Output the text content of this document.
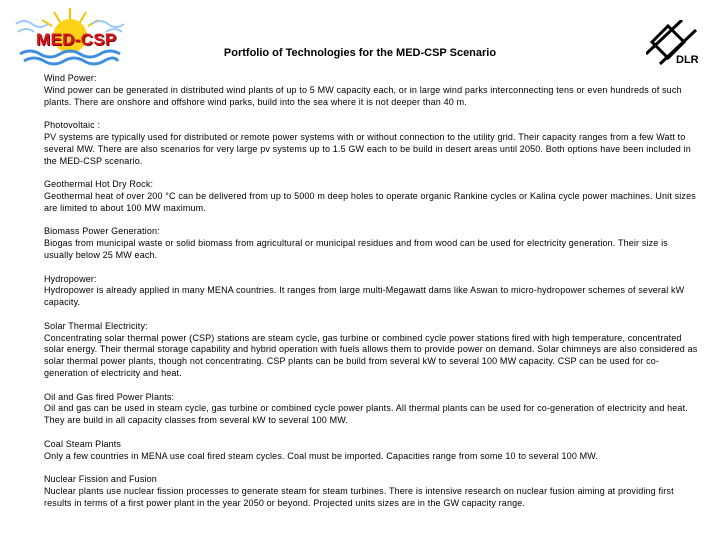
MED-CSP
Portfolio of Technologies for the MED-CSP Scenario
DLR

Wind Power:

Wind power can be generated in distributed wind plants of up to 5 MW capacity each, or in large wind parks interconnecting tens or even hundreds of such plants. There are onshore and offshore wind parks, build into the sea where it is not deeper than 40 m.

Photovoltaic :

PV systems are typically used for distributed or remote power systems with or without connection to the utility grid. Their capacity ranges from a few Watt to several MW. There are also scenarios for very large pv systems up to 1.5 GW each to be build in desert areas until 2050. Both options have been included in the MED-CSP scenario.

Geothermal Hot Dry Rock:

Geothermal heat of over 200 °C can be delivered from up to 5000 m deep holes to operate organic Rankine cycles or Kalina cycle power machines. Unit sizes are limited to about 100 MW maximum.

Biomass Power Generation:

Biogas from municipal waste or solid biomass from agricultural or municipal residues and from wood can be used for electricity generation. Their size is usually below 25 MW each.

Hydropower:

Hydropower is already applied in many MENA countries. It ranges from large multi-Megawatt dams like Aswan to micro-hydropower schemes of several kW capacity.

Solar Thermal Electricity:

Concentrating solar thermal power (CSP) stations are steam cycle, gas turbine or combined cycle power stations fired with high temperature, concentrated solar energy. Their thermal storage capability and hybrid operation with fuels allows them to provide power on demand. Solar chimneys are also considered as solar thermal power plants, though not concentrating. CSP plants can be build from several kW to several 100 MW capacity. CSP can be used for co-generation of electricity and heat.

Oil and Gas fired Power Plants:

Oil and gas can be used in steam cycle, gas turbine or combined cycle power plants. All thermal plants can be used for co-generation of electricity and heat. They are build in all capacity classes from several kW to several 100 MW.

Coal Steam Plants

Only a few countries in MENA use coal fired steam cycles. Coal must be imported. Capacities range from some 10 to several 100 MW.

Nuclear Fission and Fusion

Nuclear plants use nuclear fission processes to generate steam for steam turbines. There is intensive research on nuclear fusion aiming at providing first results in terms of a first power plant in the year 2050 or beyond. Projected units sizes are in the GW capacity range.
